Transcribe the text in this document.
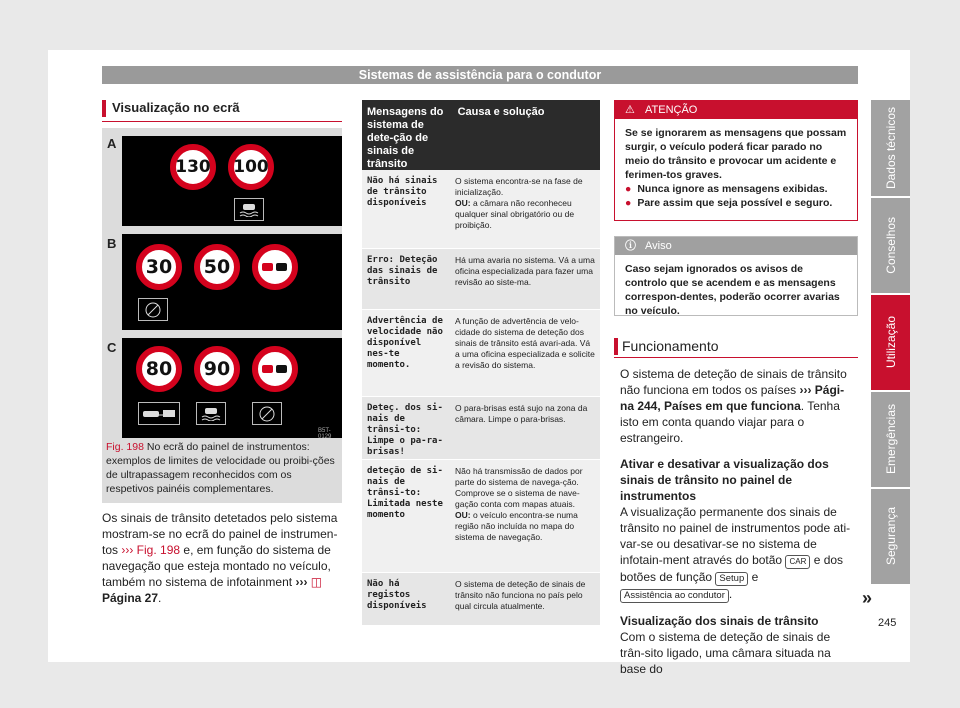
Sistemas de assistência para o condutor
Visualização no ecrã
A
130 100
B
30 50
C
80 90
B5T-0129
Fig. 198 No ecrã do painel de instrumentos: exemplos de limites de velocidade ou proibi-ções de ultrapassagem reconhecidos com os respetivos painéis complementares.
Os sinais de trânsito detetados pelo sistema mostram-se no ecrã do painel de instrumen-tos ››› Fig. 198 e, em função do sistema de navegação que esteja montado no veículo, também no sistema de infotainment ››› ◫ Página 27.
Mensagens do sistema de dete-ção de sinais de trânsito
Causa e solução
Não há sinais de trânsito disponíveis
O sistema encontra-se na fase de inicialização.
OU: a câmara não reconheceu qualquer sinal obrigatório ou de proibição.
Erro: Deteção das sinais de trânsito
Há uma avaria no sistema. Vá a uma oficina especializada para fazer uma revisão ao siste-ma.
Advertência de velocidade não disponível nes-te momento.
A função de advertência de velo-cidade do sistema de deteção dos sinais de trânsito está avari-ada. Vá a uma oficina especializada e solicite a revisão do sistema.
Deteç. dos si-nais de trânsi-to: Limpe o pa-ra-brisas!
O para-brisas está sujo na zona da câmara. Limpe o para-brisas.
deteção de si-nais de trânsi-to: Limitada neste momento
Não há transmissão de dados por parte do sistema de navega-ção. Comprove se o sistema de nave-gação conta com mapas atuais.
OU: o veículo encontra-se numa região não incluída no mapa do sistema de navegação.
Não há registos disponíveis
O sistema de deteção de sinais de trânsito não funciona no país pelo qual circula atualmente.
⚠ ATENÇÃO
Se se ignorarem as mensagens que possam surgir, o veículo poderá ficar parado no meio do trânsito e provocar um acidente e ferimen-tos graves.
● Nunca ignore as mensagens exibidas.
● Pare assim que seja possível e seguro.
ⓘ Aviso
Caso sejam ignorados os avisos de controlo que se acendem e as mensagens correspon-dentes, poderão ocorrer avarias no veículo.
Funcionamento
O sistema de deteção de sinais de trânsito não funciona em todos os países ››› Pági-na 244, Países em que funciona. Tenha isto em conta quando viajar para o estrangeiro.
Ativar e desativar a visualização dos sinais de trânsito no painel de instrumentos
A visualização permanente dos sinais de trânsito no painel de instrumentos pode ati-var-se ou desativar-se no sistema de infotain-ment através do botão CAR e dos botões de função Setup e Assistência ao condutor .
Visualização dos sinais de trânsito
Com o sistema de deteção de sinais de trân-sito ligado, uma câmara situada na base do
»
245
Dados técnicos
Conselhos
Utilização
Emergências
Segurança
